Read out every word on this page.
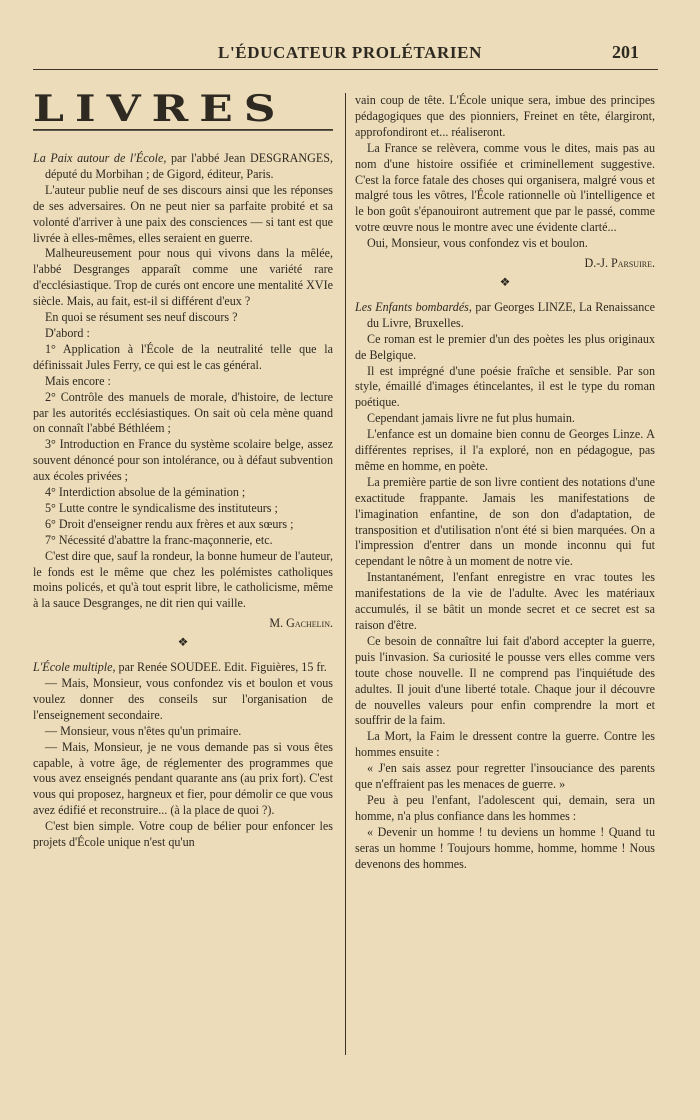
L'ÉDUCATEUR PROLÉTARIEN	201
LIVRES

La Paix autour de l'École, par l'abbé Jean DESGRANGES, député du Morbihan ; de Gigord, éditeur, Paris.

L'auteur publie neuf de ses discours ainsi que les réponses de ses adversaires. On ne peut nier sa parfaite probité et sa volonté d'arriver à une paix des consciences — si tant est que livrée à elles-mêmes, elles seraient en guerre.

Malheureusement pour nous qui vivons dans la mêlée, l'abbé Desgranges apparaît comme une variété rare d'ecclésiastique. Trop de curés ont encore une mentalité XVIe siècle. Mais, au fait, est-il si différent d'eux ?

En quoi se résument ses neuf discours ?

D'abord :

1° Application à l'École de la neutralité telle que la définissait Jules Ferry, ce qui est le cas général.

Mais encore :

2° Contrôle des manuels de morale, d'histoire, de lecture par les autorités ecclésiastiques. On sait où cela mène quand on connaît l'abbé Béthléem ;

3° Introduction en France du système scolaire belge, assez souvent dénoncé pour son intolérance, ou à défaut subvention aux écoles privées ;

4° Interdiction absolue de la gémination ;

5° Lutte contre le syndicalisme des instituteurs ;

6° Droit d'enseigner rendu aux frères et aux sœurs ;

7° Nécessité d'abattre la franc-maçonnerie, etc.

C'est dire que, sauf la rondeur, la bonne humeur de l'auteur, le fonds est le même que chez les polémistes catholiques moins policés, et qu'à tout esprit libre, le catholicisme, même à la sauce Desgranges, ne dit rien qui vaille.

M. Gachelin.

❖

L'École multiple, par Renée SOUDEE. Edit. Figuières, 15 fr.

— Mais, Monsieur, vous confondez vis et boulon et vous voulez donner des conseils sur l'organisation de l'enseignement secondaire.

— Monsieur, vous n'êtes qu'un primaire.

— Mais, Monsieur, je ne vous demande pas si vous êtes capable, à votre âge, de réglementer des programmes que vous avez enseignés pendant quarante ans (au prix fort). C'est vous qui proposez, hargneux et fier, pour démolir ce que vous avez édifié et reconstruire... (à la place de quoi ?).

C'est bien simple. Votre coup de bélier pour enfoncer les projets d'École unique n'est qu'un

vain coup de tête. L'École unique sera, imbue des principes pédagogiques que des pionniers, Freinet en tête, élargiront, approfondiront et... réaliseront.

La France se relèvera, comme vous le dites, mais pas au nom d'une histoire ossifiée et criminellement suggestive. C'est la force fatale des choses qui organisera, malgré vous et malgré tous les vôtres, l'École rationnelle où l'intelligence et le bon goût s'épanouiront autrement que par le passé, comme votre œuvre nous le montre avec une évidente clarté...

Oui, Monsieur, vous confondez vis et boulon.

D.-J. Parsuire.

❖

Les Enfants bombardés, par Georges LINZE, La Renaissance du Livre, Bruxelles.

Ce roman est le premier d'un des poètes les plus originaux de Belgique.

Il est imprégné d'une poésie fraîche et sensible. Par son style, émaillé d'images étincelantes, il est le type du roman poétique.

Cependant jamais livre ne fut plus humain.

L'enfance est un domaine bien connu de Georges Linze. A différentes reprises, il l'a exploré, non en pédagogue, pas même en homme, en poète.

La première partie de son livre contient des notations d'une exactitude frappante. Jamais les manifestations de l'imagination enfantine, de son don d'adaptation, de transposition et d'utilisation n'ont été si bien marquées. On a l'impression d'entrer dans un monde inconnu qui fut cependant le nôtre à un moment de notre vie.

Instantanément, l'enfant enregistre en vrac toutes les manifestations de la vie de l'adulte. Avec les matériaux accumulés, il se bâtit un monde secret et ce secret est sa raison d'être.

Ce besoin de connaître lui fait d'abord accepter la guerre, puis l'invasion. Sa curiosité le pousse vers elles comme vers toute chose nouvelle. Il ne comprend pas l'inquiétude des adultes. Il jouit d'une liberté totale. Chaque jour il découvre de nouvelles valeurs pour enfin comprendre la mort et souffrir de la faim.

La Mort, la Faim le dressent contre la guerre. Contre les hommes ensuite :

« J'en sais assez pour regretter l'insouciance des parents que n'effraient pas les menaces de guerre. »

Peu à peu l'enfant, l'adolescent qui, demain, sera un homme, n'a plus confiance dans les hommes :

« Devenir un homme ! tu deviens un homme ! Quand tu seras un homme ! Toujours homme, homme, homme ! Nous devenons des hommes.
